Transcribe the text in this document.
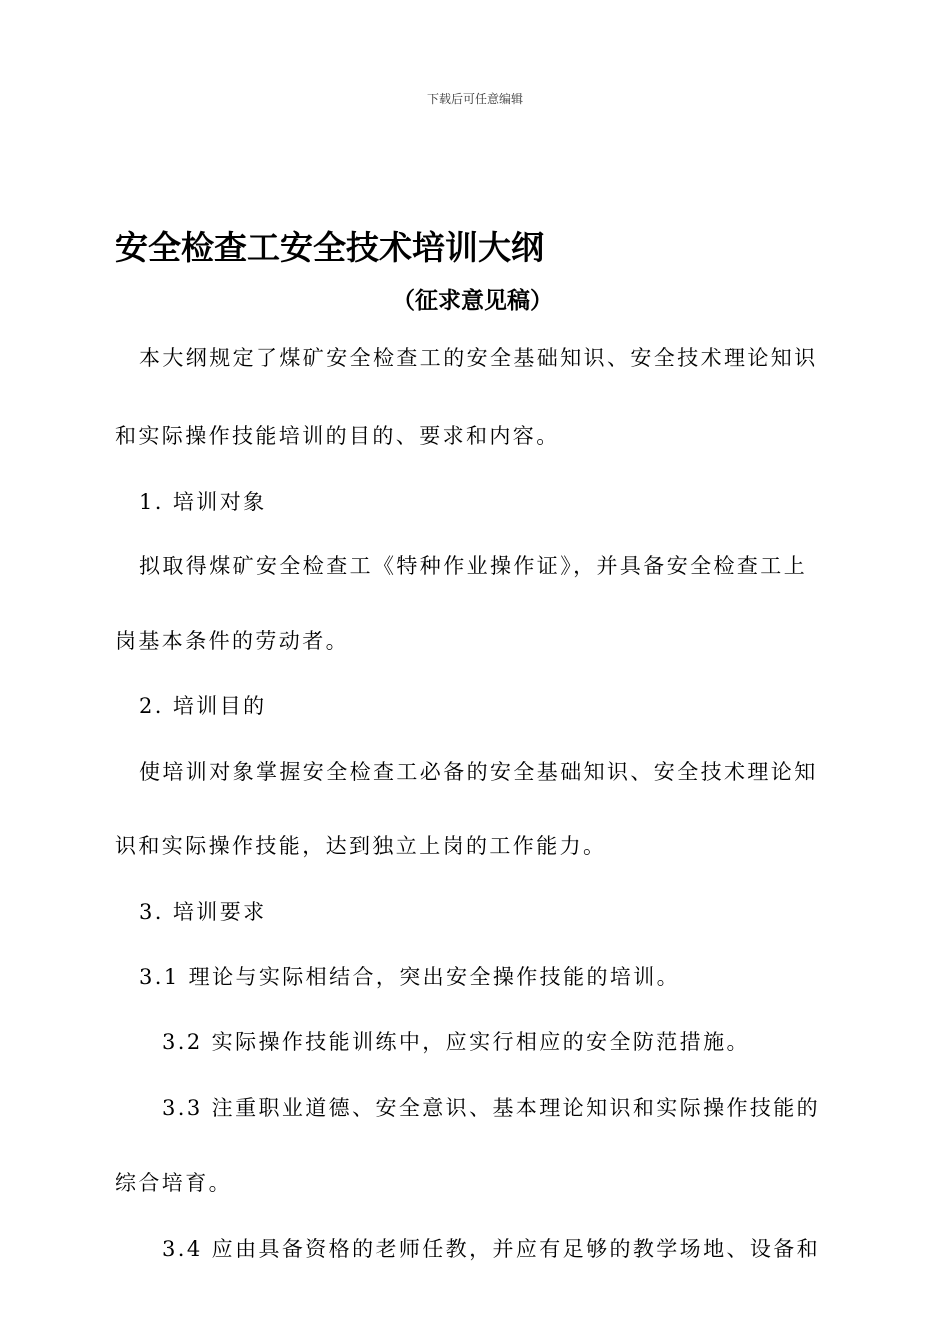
下载后可任意编辑
安全检查工安全技术培训大纲
（征求意见稿）
本大纲规定了煤矿安全检查工的安全基础知识、安全技术理论知识
和实际操作技能培训的目的、要求和内容。
1. 培训对象
拟取得煤矿安全检查工《特种作业操作证》，并具备安全检查工上
岗基本条件的劳动者。
2. 培训目的
使培训对象掌握安全检查工必备的安全基础知识、安全技术理论知
识和实际操作技能，达到独立上岗的工作能力。
3. 培训要求
3.1 理论与实际相结合，突出安全操作技能的培训。
3.2 实际操作技能训练中，应实行相应的安全防范措施。
3.3 注重职业道德、安全意识、基本理论知识和实际操作技能的
综合培育。
3.4 应由具备资格的老师任教，并应有足够的教学场地、设备和
